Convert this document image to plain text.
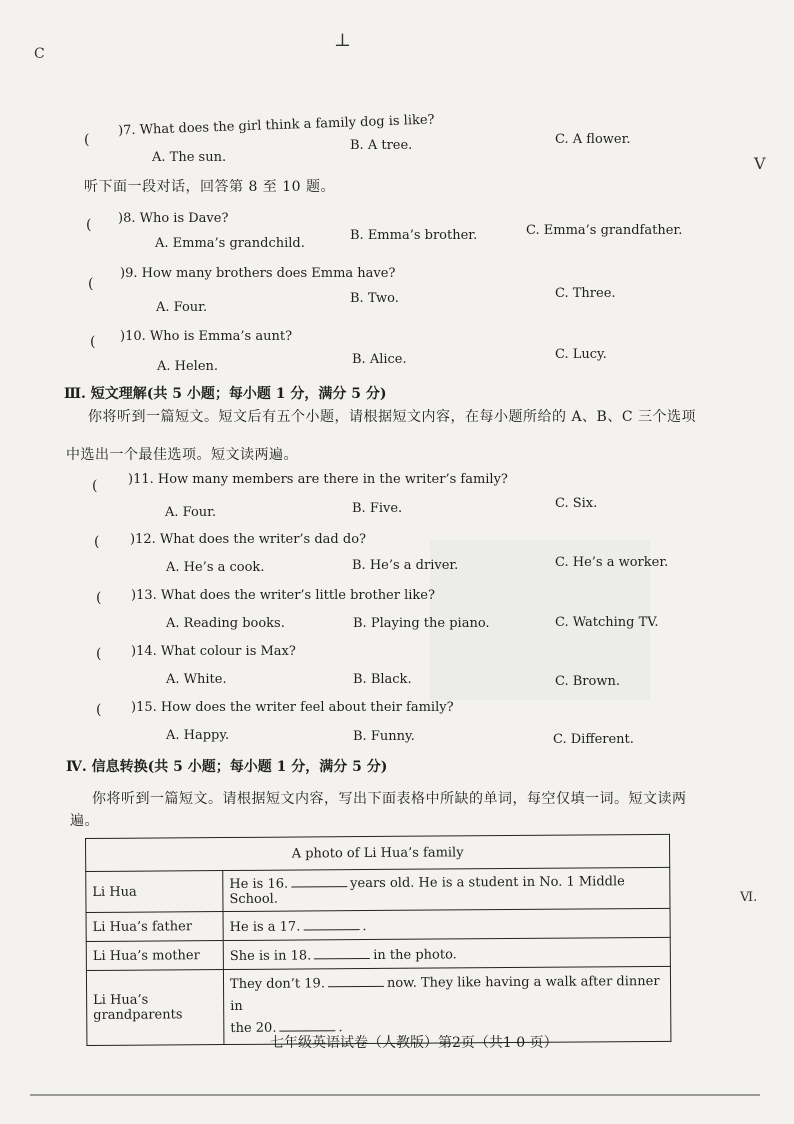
⊥
C
V
Ⅵ.
(
)7. What does the girl think a family dog is like?
A. The sun.
B. A tree.	C. A flower.
听下面一段对话，回答第 8 至 10 题。
( )8. Who is Dave?
A. Emma’s grandchild.
B. Emma’s brother.	C. Emma’s grandfather.
(
)9. How many brothers does Emma have?
A. Four.
B. Two.	C. Three.
( )10. Who is Emma’s aunt?
A. Helen.	B. Alice.	C. Lucy.
Ⅲ. 短文理解(共 5 小题；每小题 1 分，满分 5 分)
你将听到一篇短文。短文后有五个小题，请根据短文内容，在每小题所给的 A、B、C 三个选项
中选出一个最佳选项。短文读两遍。
( )11. How many members are there in the writer’s family?
A. Four.	B. Five.	C. Six.
( )12. What does the writer’s dad do?
A. He’s a cook.	B. He’s a driver.	C. He’s a worker.
( )13. What does the writer’s little brother like?
A. Reading books.	B. Playing the piano.	C. Watching TV.
( )14. What colour is Max?
A. White.	B. Black.	C. Brown.
( )15. How does the writer feel about their family?
A. Happy.	B. Funny.	C. Different.
Ⅳ. 信息转换(共 5 小题；每小题 1 分，满分 5 分)
你将听到一篇短文。请根据短文内容，写出下面表格中所缺的单词，每空仅填一词。短文读两
遍。
A photo of Li Hua’s family	
Li Hua	He is 16. years old. He is a student in No. 1 Middle School.
Li Hua’s father	He is a 17. .
Li Hua’s mother	She is in 18. in the photo.
Li Hua’s grandparents	They don’t 19. now. They like having a walk after dinner in
the 20. .
七年级英语试卷（人教版）第2页（共1 0 页）
